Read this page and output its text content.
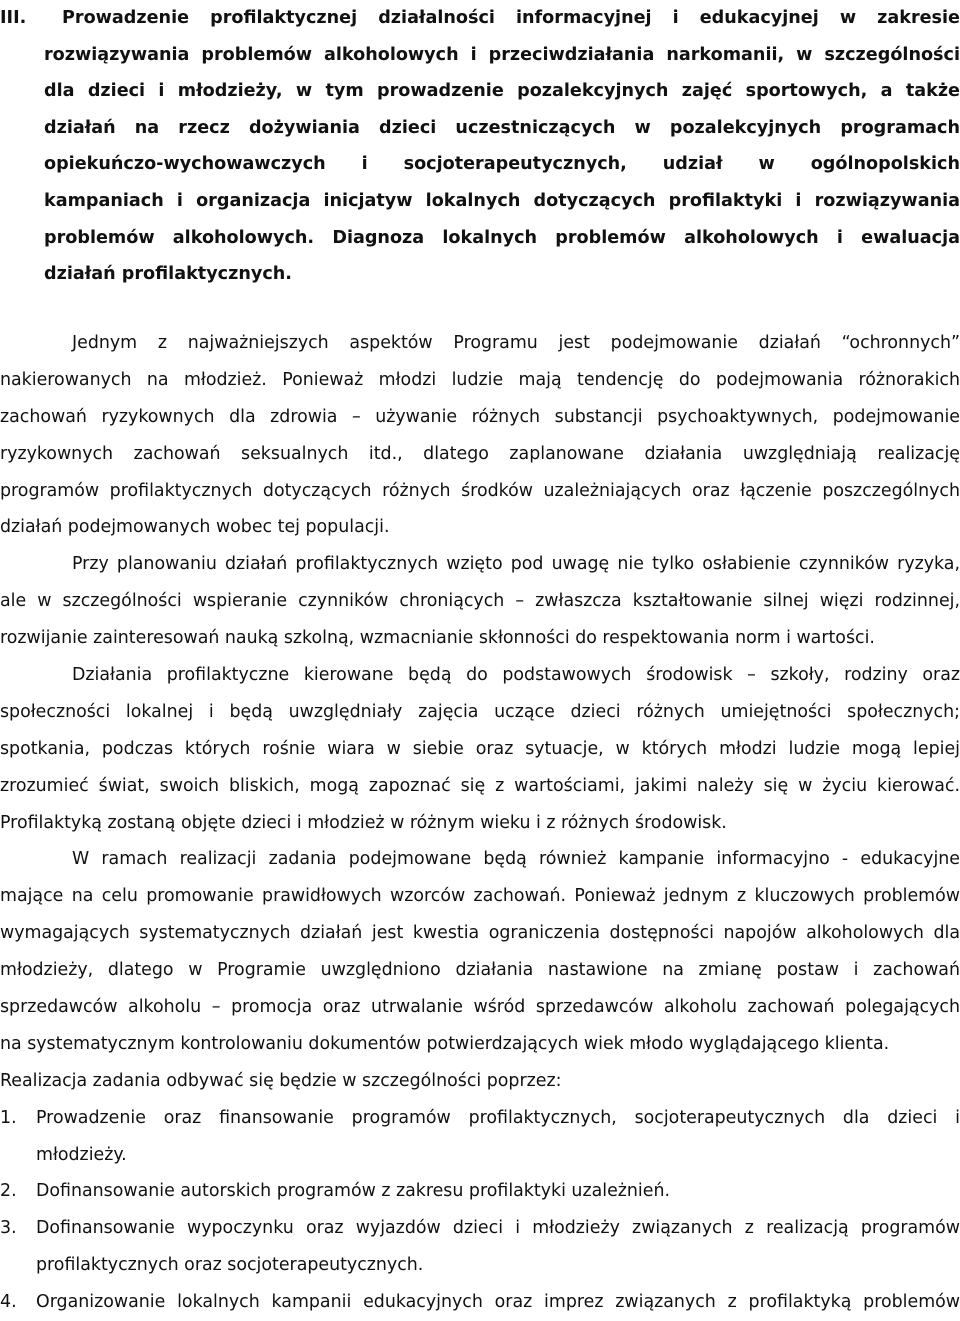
III. Prowadzenie profilaktycznej działalności informacyjnej i edukacyjnej w zakresie
rozwiązywania problemów alkoholowych i przeciwdziałania narkomanii, w szczególności
dla dzieci i młodzieży, w tym prowadzenie pozalekcyjnych zajęć sportowych, a także
działań na rzecz dożywiania dzieci uczestniczących w pozalekcyjnych programach
opiekuńczo-wychowawczych i socjoterapeutycznych, udział w ogólnopolskich
kampaniach i organizacja inicjatyw lokalnych dotyczących profilaktyki i rozwiązywania
problemów alkoholowych. Diagnoza lokalnych problemów alkoholowych i ewaluacja
działań profilaktycznych.
Jednym z najważniejszych aspektów Programu jest podejmowanie działań “ochronnych”
nakierowanych na młodzież. Ponieważ młodzi ludzie mają tendencję do podejmowania różnorakich
zachowań ryzykownych dla zdrowia – używanie różnych substancji psychoaktywnych, podejmowanie
ryzykownych zachowań seksualnych itd., dlatego zaplanowane działania uwzględniają realizację
programów profilaktycznych dotyczących różnych środków uzależniających oraz łączenie poszczególnych
działań podejmowanych wobec tej populacji.
Przy planowaniu działań profilaktycznych wzięto pod uwagę nie tylko osłabienie czynników ryzyka,
ale w szczególności wspieranie czynników chroniących – zwłaszcza kształtowanie silnej więzi rodzinnej,
rozwijanie zainteresowań nauką szkolną, wzmacnianie skłonności do respektowania norm i wartości.
Działania profilaktyczne kierowane będą do podstawowych środowisk – szkoły, rodziny oraz
społeczności lokalnej i będą uwzględniały zajęcia uczące dzieci różnych umiejętności społecznych;
spotkania, podczas których rośnie wiara w siebie oraz sytuacje, w których młodzi ludzie mogą lepiej
zrozumieć świat, swoich bliskich, mogą zapoznać się z wartościami, jakimi należy się w życiu kierować.
Profilaktyką zostaną objęte dzieci i młodzież w różnym wieku i z różnych środowisk.
W ramach realizacji zadania podejmowane będą również kampanie informacyjno - edukacyjne
mające na celu promowanie prawidłowych wzorców zachowań. Ponieważ jednym z kluczowych problemów
wymagających systematycznych działań jest kwestia ograniczenia dostępności napojów alkoholowych dla
młodzieży, dlatego w Programie uwzględniono działania nastawione na zmianę postaw i zachowań
sprzedawców alkoholu – promocja oraz utrwalanie wśród sprzedawców alkoholu zachowań polegających
na systematycznym kontrolowaniu dokumentów potwierdzających wiek młodo wyglądającego klienta.
Realizacja zadania odbywać się będzie w szczególności poprzez:
1. Prowadzenie oraz finansowanie programów profilaktycznych, socjoterapeutycznych dla dzieci i
młodzieży.
2. Dofinansowanie autorskich programów z zakresu profilaktyki uzależnień.
3. Dofinansowanie wypoczynku oraz wyjazdów dzieci i młodzieży związanych z realizacją programów
profilaktycznych oraz socjoterapeutycznych.
4. Organizowanie lokalnych kampanii edukacyjnych oraz imprez związanych z profilaktyką problemów
